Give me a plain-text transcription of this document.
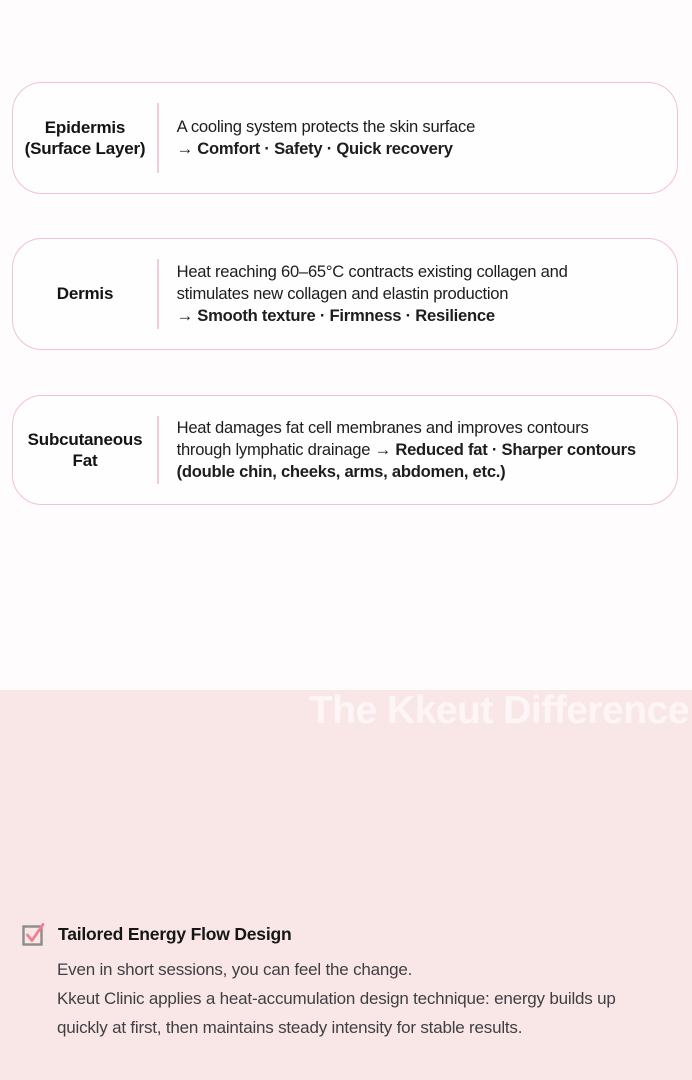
Epidermis
(Surface Layer)
A cooling system protects the skin surface
→ Comfort · Safety · Quick recovery
Dermis
Heat reaching 60–65°C contracts existing collagen and
stimulates new collagen and elastin production
→ Smooth texture · Firmness · Resilience
Subcutaneous
Fat
Heat damages fat cell membranes and improves contours
through lymphatic drainage → Reduced fat · Sharper contours
(double chin, cheeks, arms, abdomen, etc.)
The Kkeut Difference
Tailored Energy Flow Design
Even in short sessions, you can feel the change.
Kkeut Clinic applies a heat-accumulation design technique: energy builds up
quickly at first, then maintains steady intensity for stable results.
